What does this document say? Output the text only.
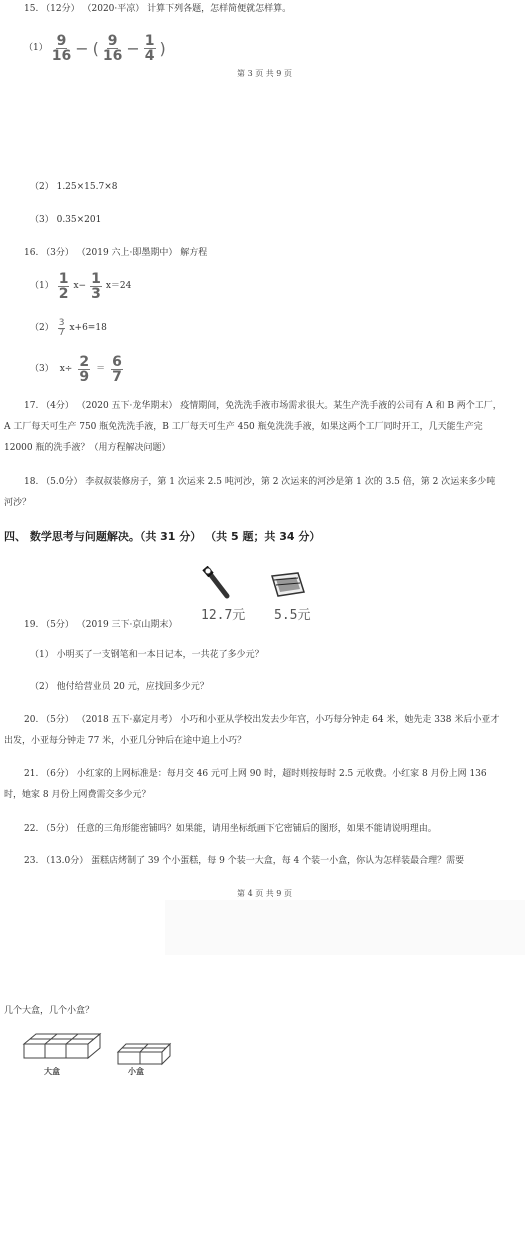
15. （12分） （2020·平凉） 计算下列各题，怎样简便就怎样算。
$(1) \frac{9}{16}$ − ( $\frac{9}{16} - \frac{1}{4}$ )
第 3 页 共 9 页
（2） 1.25×15.7×8
（3） 0.35×201
16. （3分） （2019 六上·即墨期中） 解方程
$(1) \frac{1}{2} x- \frac{1}{3} x=24$
$(2) \frac{3}{7} x+6=18$
（3） $x\div \frac{2}{9} = \frac{6}{7}$
17. （4分） （2020 五下·龙华期末） 疫情期间，免洗洗手液市场需求很大。某生产洗手液的公司有 A 和 B 两个工厂，A 工厂每天可生产 750 瓶免洗洗手液，B 工厂每天可生产 450 瓶免洗洗手液，如果这两个工厂同时开工，几天能生产完 12000 瓶的洗手液？（用方程解决问题）
18. （5.0分） 李叔叔装修房子，第 1 次运来 2.5 吨河沙，第 2 次运来的河沙是第 1 次的 3.5 倍，第 2 次运来多少吨河沙？
四、 数学思考与问题解决。（共 31 分） （共 5 题；共 34 分）
12.7元 5.5元
19. （5分） （2019 三下·京山期末）
（1） 小明买了一支钢笔和一本日记本，一共花了多少元？
（2） 他付给营业员 20 元，应找回多少元？
20. （5分） （2018 五下·嘉定月考） 小巧和小亚从学校出发去少年宫，小巧每分钟走 64 米，她先走 338 米后小亚才出发，小亚每分钟走 77 米，小亚几分钟后在途中追上小巧？
21. （6分） 小红家的上网标准是：每月交 46 元可上网 90 时，超时则按每时 2.5 元收费。小红家 8 月份上网 136 时，她家 8 月份上网费需交多少元？
22. （5分） 任意的三角形能密铺吗？如果能，请用坐标纸画下它密铺后的图形，如果不能请说明理由。
23. （13.0分） 蛋糕店烤制了 39 个小蛋糕，每 9 个装一大盒，每 4 个装一小盒，你认为怎样装最合理？需要
第 4 页 共 9 页
几个大盒，几个小盒？
大盒	小盒
